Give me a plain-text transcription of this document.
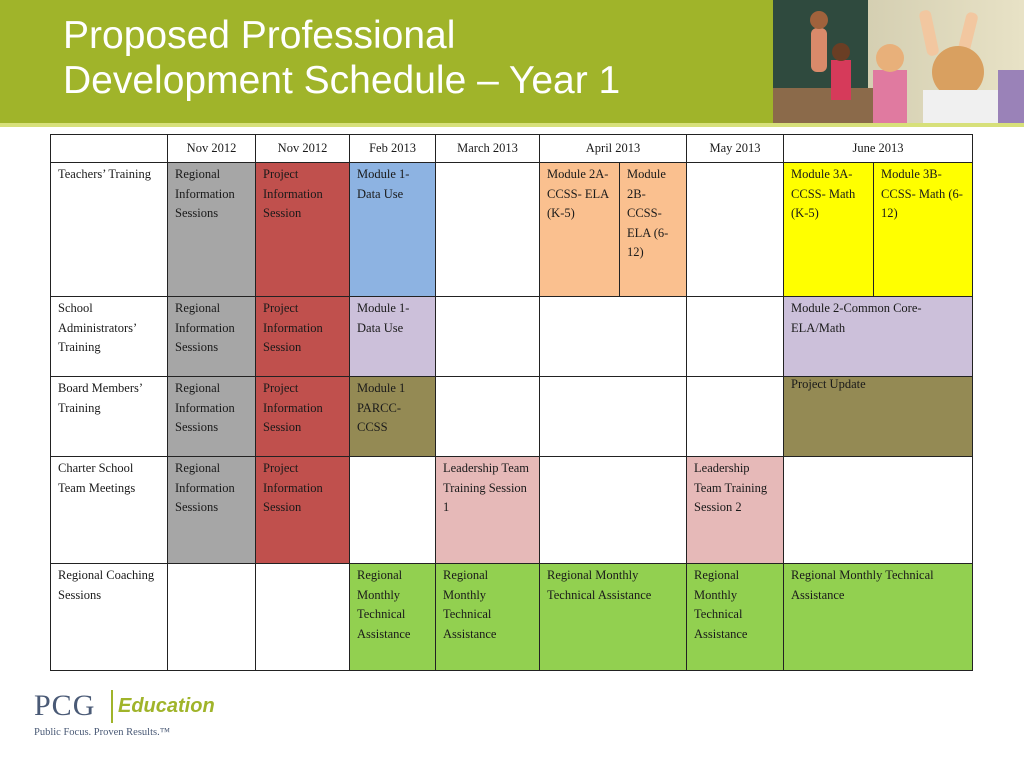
Proposed Professional
Development Schedule – Year 1
	Nov 2012	Nov 2012	Feb 2013	March 2013	April 2013		May 2013	June 2013	

Teachers’ Training	Regional Information Sessions	Project Information Session	Module 1- Data Use		Module 2A-CCSS- ELA (K-5)	Module 2B- CCSS- ELA (6-12)		Module 3A-CCSS- Math (K-5)	Module 3B-CCSS- Math (6-12)

School Administrators’ Training	Regional Information Sessions	Project Information Session	Module 1- Data Use					Module 2-Common Core- ELA/Math	

Board Members’ Training	Regional Information Sessions	Project Information Session	Module 1 PARCC- CCSS					Project Update	

Charter School Team Meetings	Regional Information Sessions	Project Information Session		Leadership Team Training Session 1			Leadership Team Training Session 2		

Regional Coaching Sessions			Regional Monthly Technical Assistance	Regional Monthly Technical Assistance	Regional Monthly Technical Assistance		Regional Monthly Technical Assistance	Regional Monthly Technical Assistance	
PCG Education
Public Focus. Proven Results.™
